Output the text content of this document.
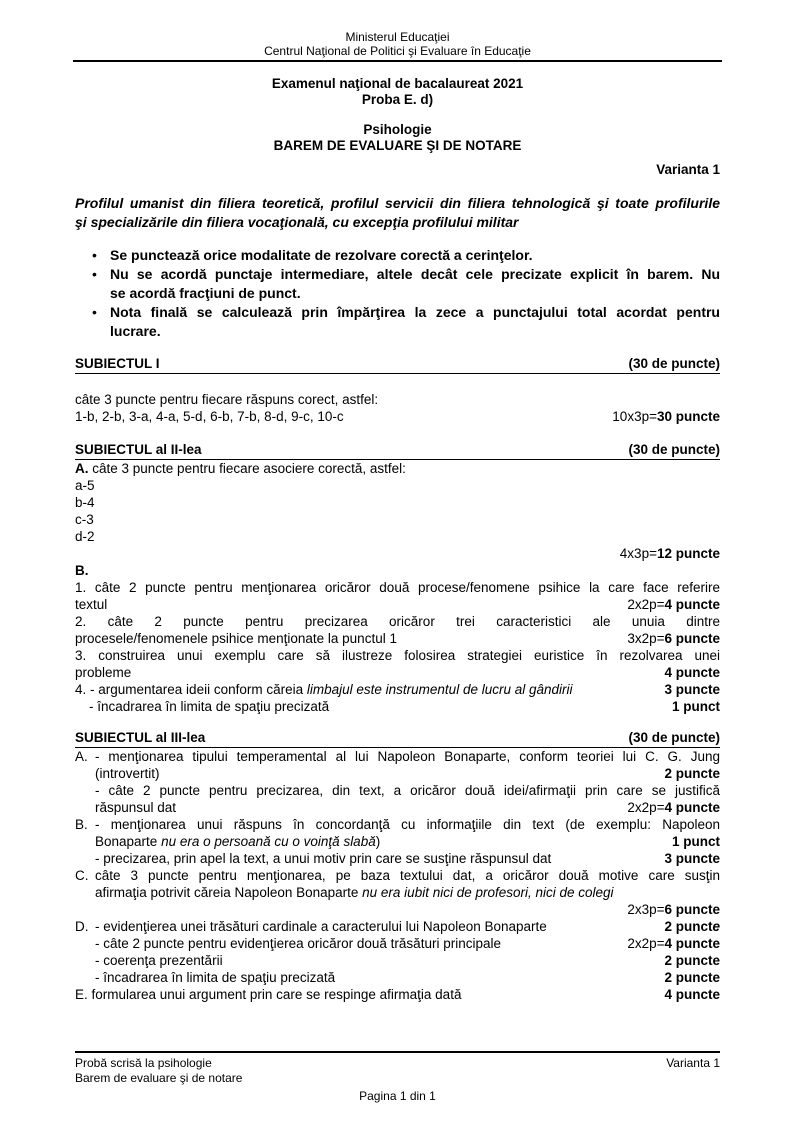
Ministerul Educaţiei
Centrul Naţional de Politici şi Evaluare în Educaţie
Examenul naţional de bacalaureat 2021
Proba E. d)
Psihologie
BAREM DE EVALUARE ŞI DE NOTARE
Varianta 1
Profilul umanist din filiera teoretică, profilul servicii din filiera tehnologică şi toate profilurile
şi specializările din filiera vocaţională, cu excepţia profilului militar
• Se punctează orice modalitate de rezolvare corectă a cerinţelor.
• Nu se acordă punctaje intermediare, altele decât cele precizate explicit în barem. Nu
se acordă fracţiuni de punct.
• Nota finală se calculează prin împărţirea la zece a punctajului total acordat pentru
lucrare.
SUBIECTUL I	(30 de puncte)
câte 3 puncte pentru fiecare răspuns corect, astfel:
1-b, 2-b, 3-a, 4-a, 5-d, 6-b, 7-b, 8-d, 9-c, 10-c	10x3p=30 puncte
SUBIECTUL al II-lea	(30 de puncte)
A. câte 3 puncte pentru fiecare asociere corectă, astfel:
a-5
b-4
c-3
d-2
4x3p=12 puncte
B.
1. câte 2 puncte pentru menţionarea oricăror două procese/fenomene psihice la care face referire
textul	2x2p=4 puncte
2. câte 2 puncte pentru precizarea oricăror trei caracteristici ale unuia dintre
procesele/fenomenele psihice menţionate la punctul 1	3x2p=6 puncte
3. construirea unui exemplu care să ilustreze folosirea strategiei euristice în rezolvarea unei
probleme	4 puncte
4. - argumentarea ideii conform căreia limbajul este instrumentul de lucru al gândirii	3 puncte
- încadrarea în limita de spaţiu precizată	1 punct
SUBIECTUL al III-lea	(30 de puncte)
A. - menţionarea tipului temperamental al lui Napoleon Bonaparte, conform teoriei lui C. G. Jung
(introvertit)	2 puncte
- câte 2 puncte pentru precizarea, din text, a oricăror două idei/afirmaţii prin care se justifică
răspunsul dat	2x2p=4 puncte
B. - menţionarea unui răspuns în concordanţă cu informaţiile din text (de exemplu: Napoleon
Bonaparte nu era o persoană cu o voinţă slabă)	1 punct
- precizarea, prin apel la text, a unui motiv prin care se susţine răspunsul dat	3 puncte
C. câte 3 puncte pentru menţionarea, pe baza textului dat, a oricăror două motive care susţin
afirmaţia potrivit căreia Napoleon Bonaparte nu era iubit nici de profesori, nici de colegi
2x3p=6 puncte
D. - evidenţierea unei trăsături cardinale a caracterului lui Napoleon Bonaparte	2 puncte
- câte 2 puncte pentru evidenţierea oricăror două trăsături principale	2x2p=4 puncte
- coerenţa prezentării	2 puncte
- încadrarea în limita de spaţiu precizată	2 puncte
E. formularea unui argument prin care se respinge afirmaţia dată	4 puncte
Probă scrisă la psihologie	Varianta 1
Barem de evaluare şi de notare
Pagina 1 din 1
